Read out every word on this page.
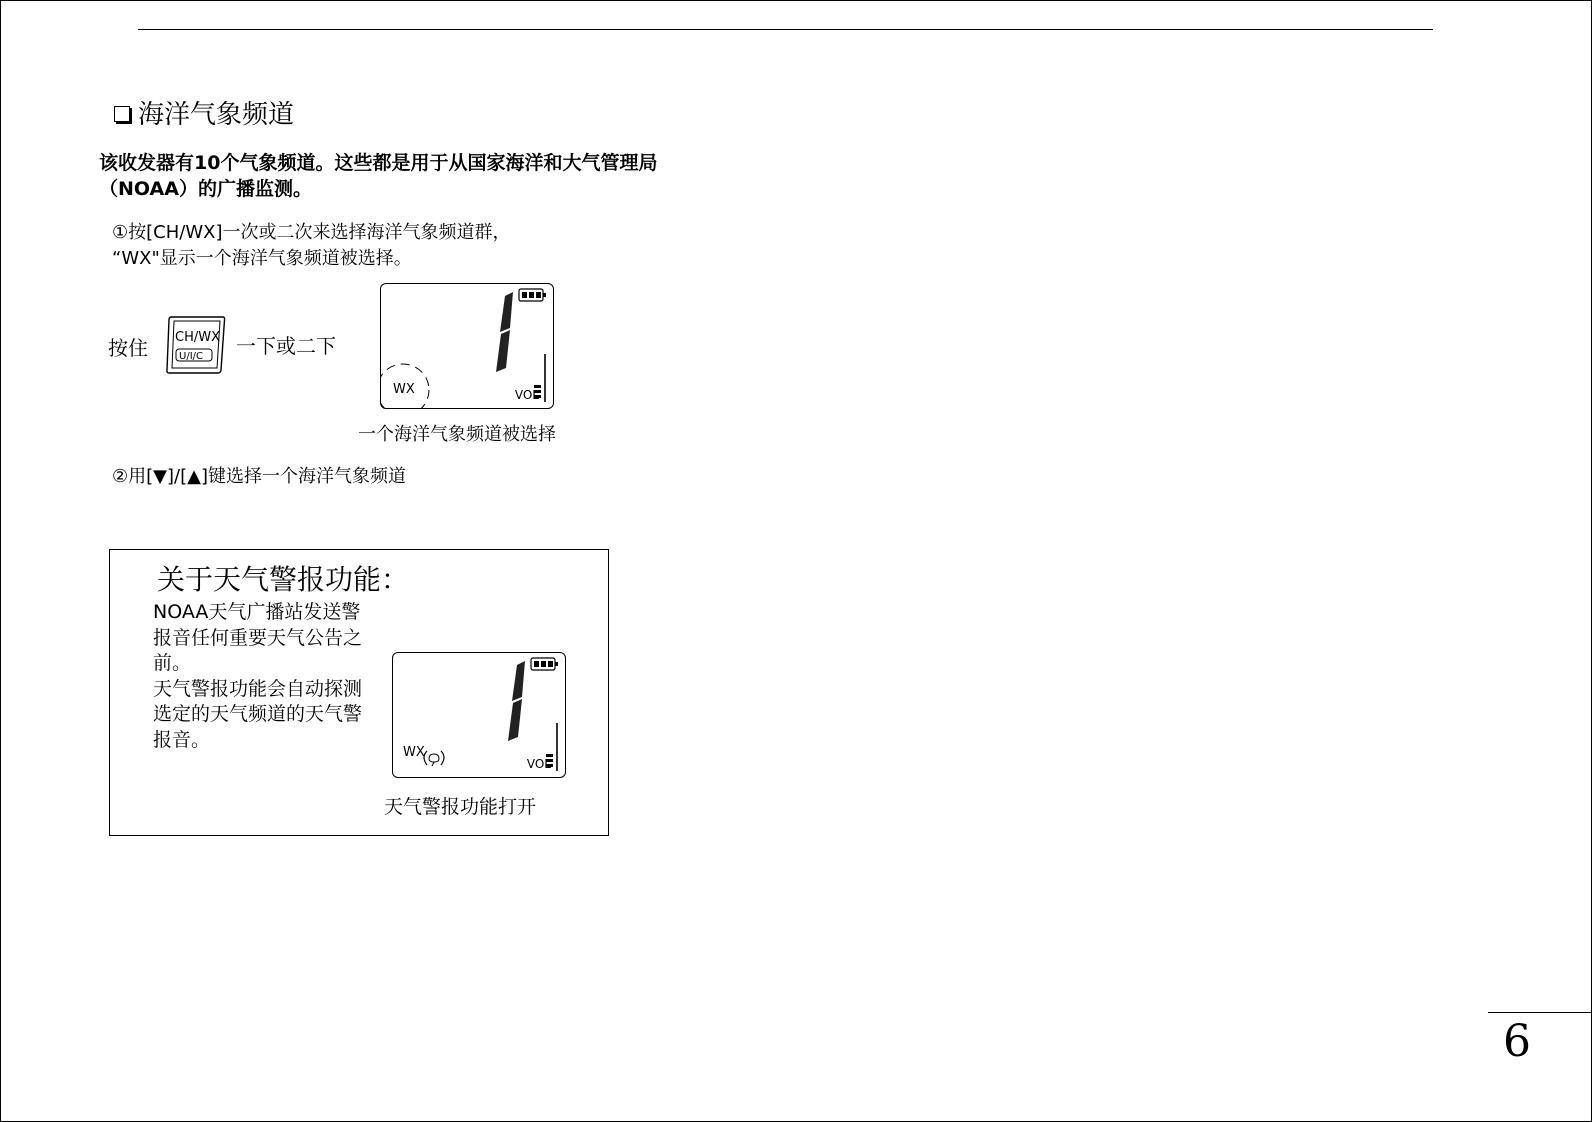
海洋气象频道
该收发器有10个气象频道。这些都是用于从国家海洋和大气管理局
（NOAA）的广播监测。
①按[CH/WX]一次或二次来选择海洋气象频道群，
“WX"显示一个海洋气象频道被选择。
按住 CH/WX
U/I/C 一下或二下
WX	VOL
一个海洋气象频道被选择
②用[▼]/[▲]键选择一个海洋气象频道
关于天气警报功能：
NOAA天气广播站发送警
报音任何重要天气公告之
前。
天气警报功能会自动探测
选定的天气频道的天气警
报音。
天气警报功能打开
WX
VOL
6
